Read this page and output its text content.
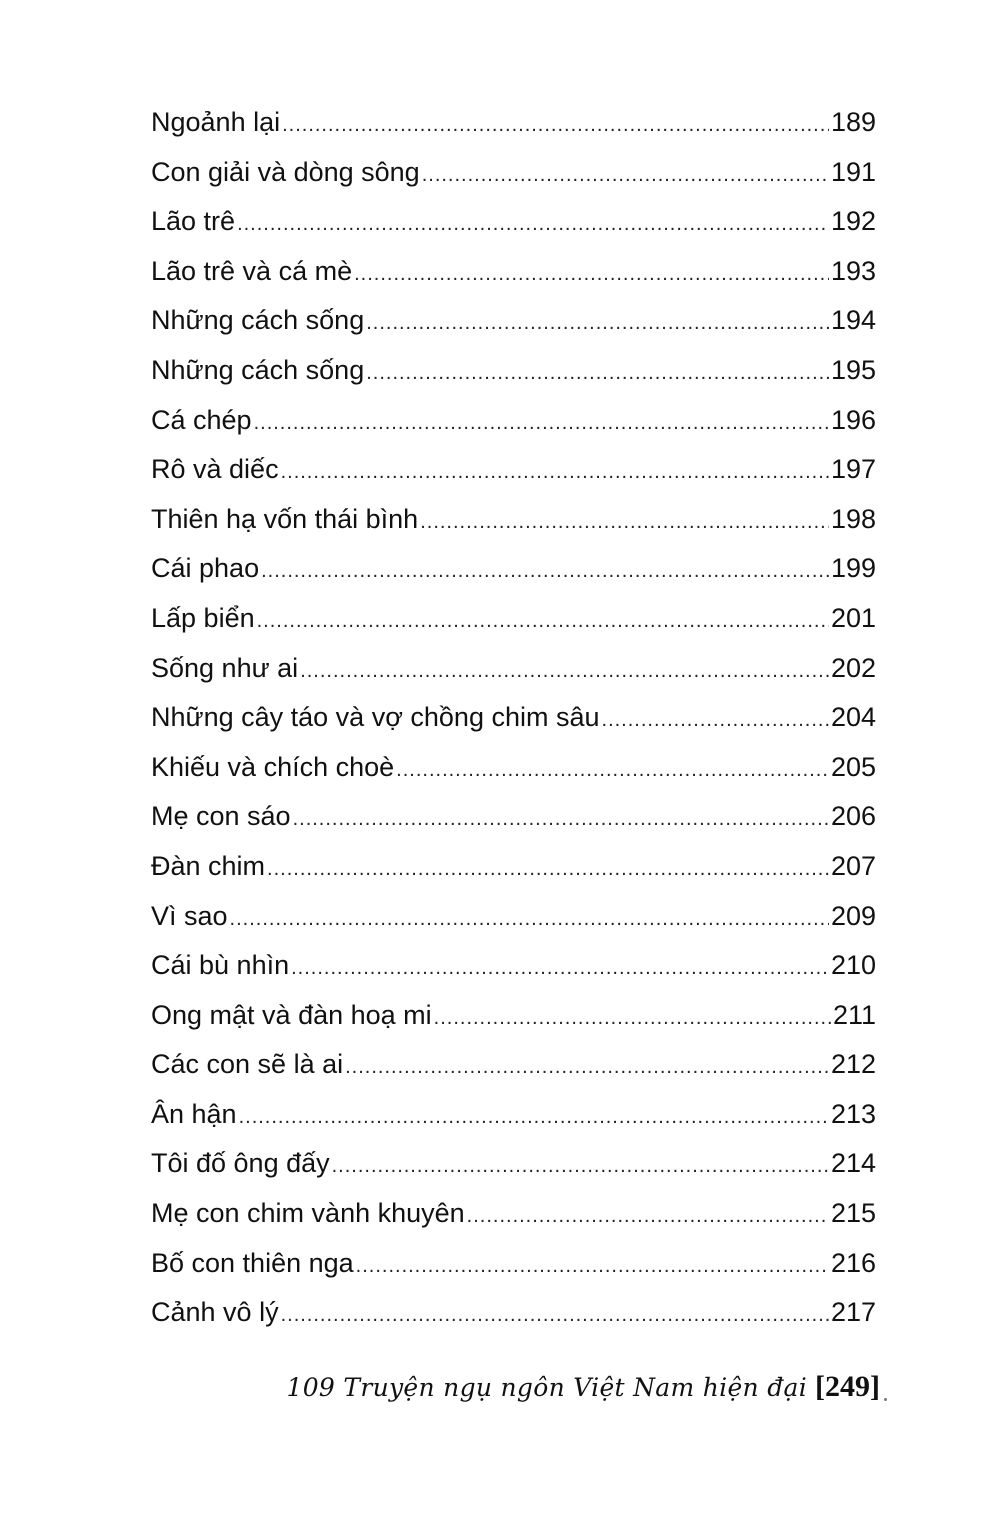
Ngoảnh lại .....	189
Con giải và dòng sông .....	191
Lão trê .....	192
Lão trê và cá mè .....	193
Những cách sống .....	194
Những cách sống .....	195
Cá chép .....	196
Rô và diếc .....	197
Thiên hạ vốn thái bình .....	198
Cái phao .....	199
Lấp biển .....	201
Sống như ai .....	202
Những cây táo và vợ chồng chim sâu .....	204
Khiếu và chích choè .....	205
Mẹ con sáo .....	206
Đàn chim .....	207
Vì sao .....	209
Cái bù nhìn .....	210
Ong mật và đàn hoạ mi .....	211
Các con sẽ là ai .....	212
Ân hận .....	213
Tôi đố ông đấy .....	214
Mẹ con chim vành khuyên .....	215
Bố con thiên nga .....	216
Cảnh vô lý .....	217
109 Truyện ngụ ngôn Việt Nam hiện đại [249]
